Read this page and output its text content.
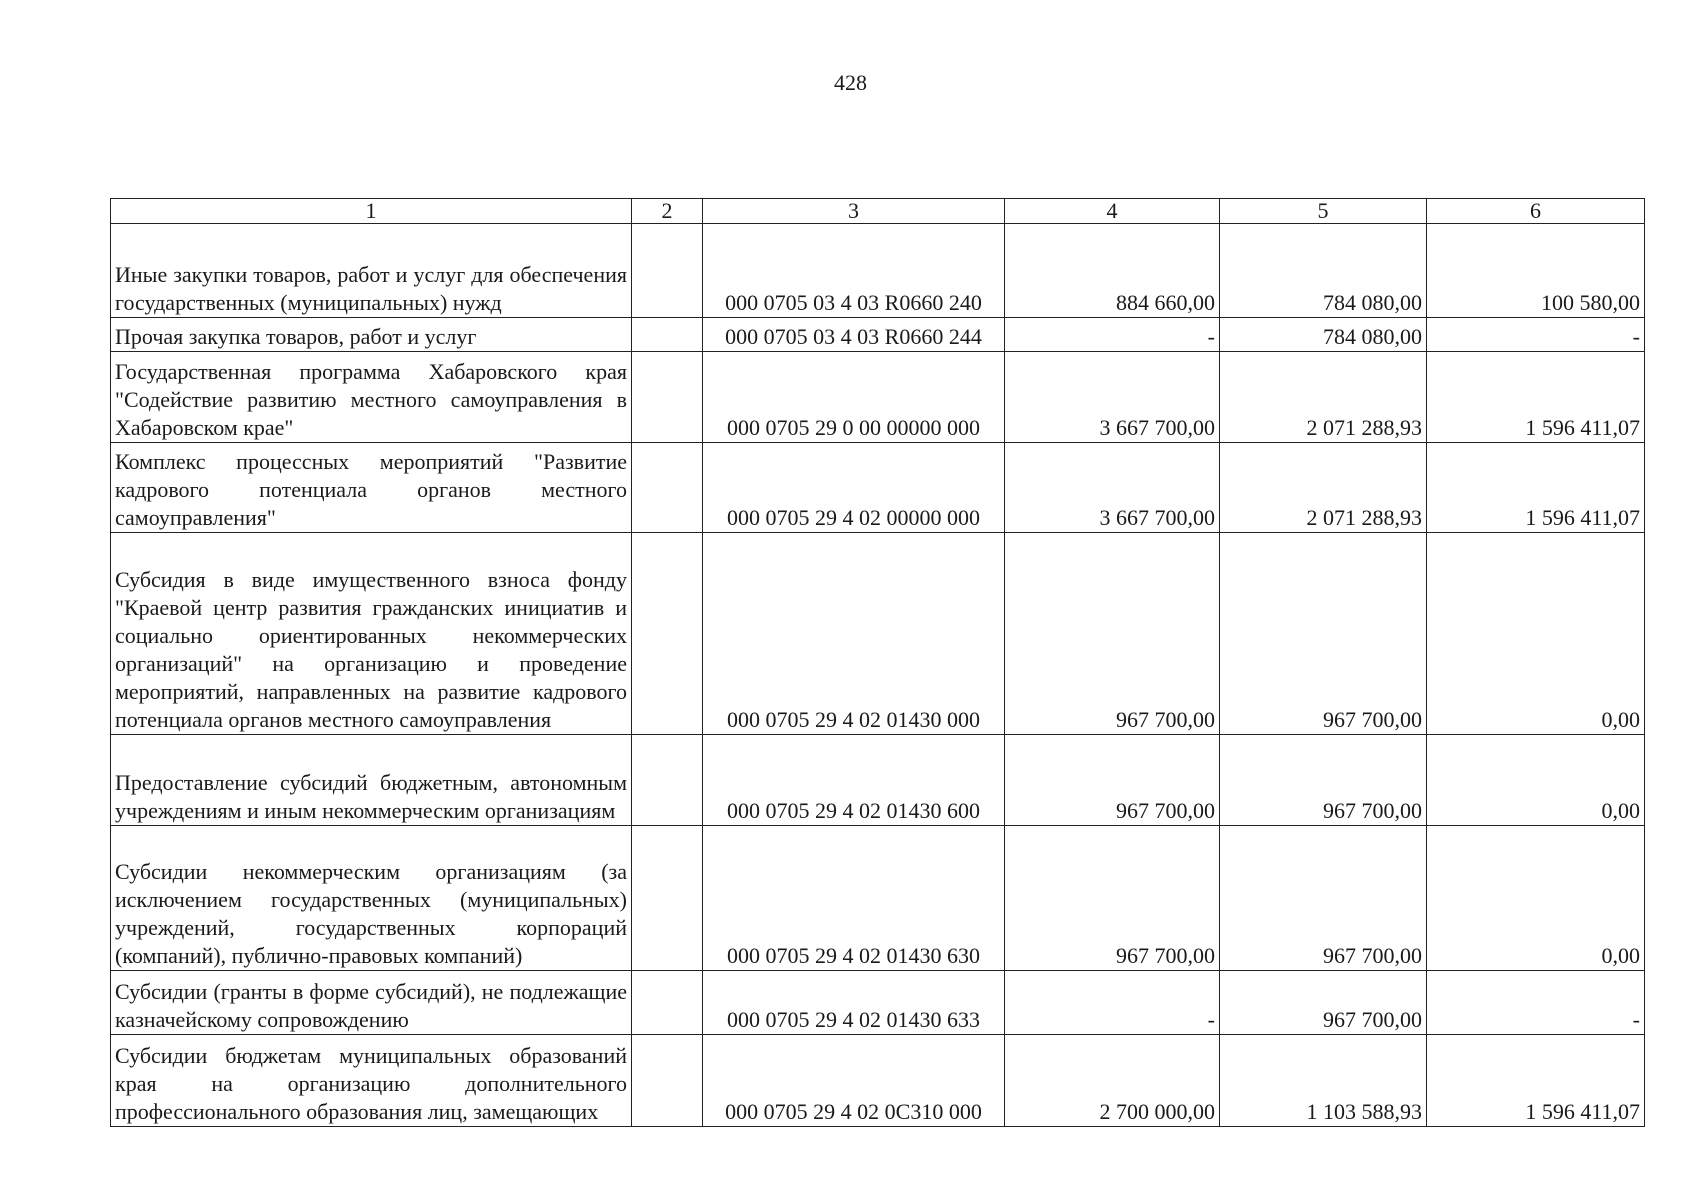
428
1	2	3	4	5	6
Иные закупки товаров, работ и услуг для обеспечения государственных (муниципальных) нужд		000 0705 03 4 03 R0660 240	884 660,00	784 080,00	100 580,00
Прочая закупка товаров, работ и услуг		000 0705 03 4 03 R0660 244	-	784 080,00	-
Государственная программа Хабаровского края "Содействие развитию местного самоуправления в Хабаровском крае"		000 0705 29 0 00 00000 000	3 667 700,00	2 071 288,93	1 596 411,07
Комплекс процессных мероприятий "Развитие кадрового потенциала органов местного самоуправления"		000 0705 29 4 02 00000 000	3 667 700,00	2 071 288,93	1 596 411,07
Субсидия в виде имущественного взноса фонду "Краевой центр развития гражданских инициатив и социально ориентированных некоммерческих организаций" на организацию и проведение мероприятий, направленных на развитие кадрового потенциала органов местного самоуправления		000 0705 29 4 02 01430 000	967 700,00	967 700,00	0,00
Предоставление субсидий бюджетным, автономным учреждениям и иным некоммерческим организациям		000 0705 29 4 02 01430 600	967 700,00	967 700,00	0,00
Субсидии некоммерческим организациям (за исключением государственных (муниципальных) учреждений, государственных корпораций (компаний), публично-правовых компаний)		000 0705 29 4 02 01430 630	967 700,00	967 700,00	0,00
Субсидии (гранты в форме субсидий), не подлежащие казначейскому сопровождению		000 0705 29 4 02 01430 633	-	967 700,00	-
Субсидии бюджетам муниципальных образований края на организацию дополнительного профессионального образования лиц, замещающих		000 0705 29 4 02 0С310 000	2 700 000,00	1 103 588,93	1 596 411,07
